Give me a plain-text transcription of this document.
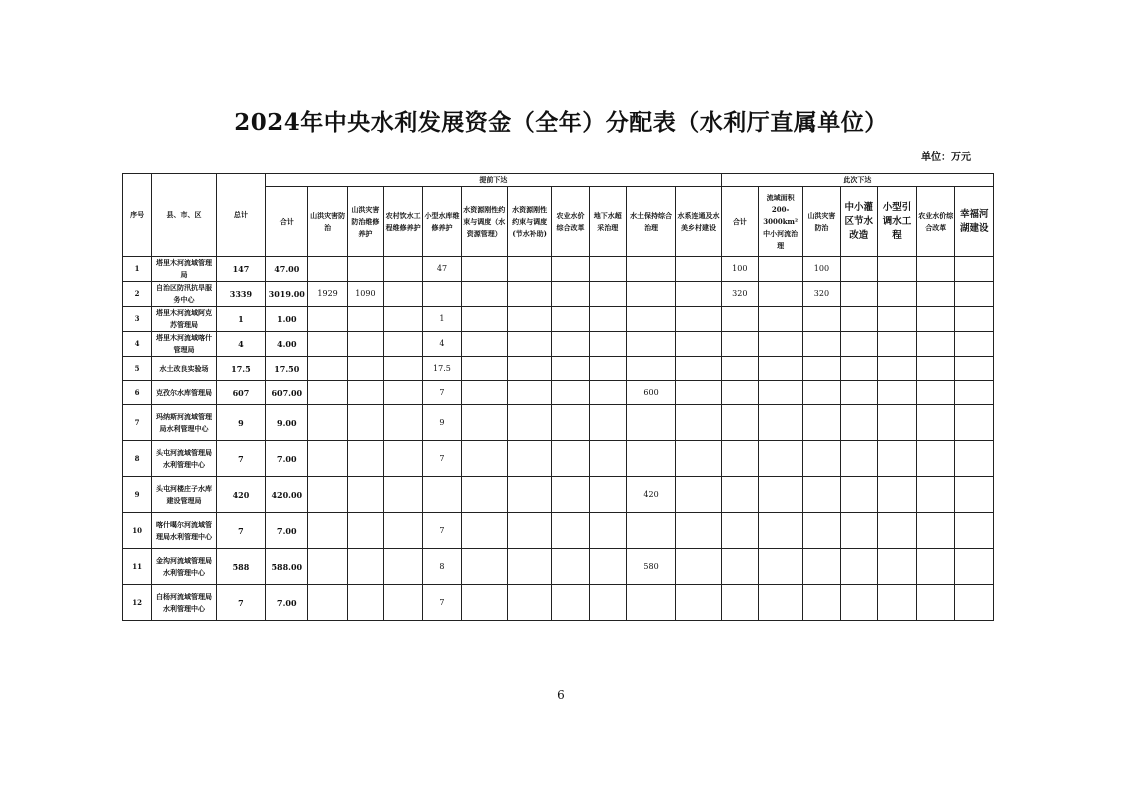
2024年中央水利发展资金（全年）分配表（水利厅直属单位）
单位：万元
序号	县、市、区	总计	提前下达											此次下达						
			合计	山洪灾害防治	山洪灾害防治维修养护	农村饮水工程维修养护	小型水库维修养护	水资源刚性约束与调度（水资源管理）	水资源刚性约束与调度(节水补助)	农业水价综合改革	地下水超采治理	水土保持综合治理	水系连通及水美乡村建设	合计	流域面积200-3000km²中小河流治理	山洪灾害防治	中小灌区节水改造	小型引调水工程	农业水价综合改革	幸福河湖建设
1	塔里木河流域管理局	147	47.00				47							100		100				
2	自治区防汛抗旱服务中心	3339	3019.00	1929	1090									320		320				
3	塔里木河流域阿克苏管理局	1	1.00				1													
4	塔里木河流域喀什管理局	4	4.00				4													
5	水土改良实验场	17.5	17.50				17.5													
6	克孜尔水库管理局	607	607.00				7					600								
7	玛纳斯河流域管理局水利管理中心	9	9.00				9													
8	头屯河流域管理局水利管理中心	7	7.00				7													
9	头屯河楼庄子水库建设管理局	420	420.00									420								
10	喀什噶尔河流域管理局水利管理中心	7	7.00				7													
11	金沟河流域管理局水利管理中心	588	588.00				8					580								
12	白杨河流域管理局水利管理中心	7	7.00				7													
6
